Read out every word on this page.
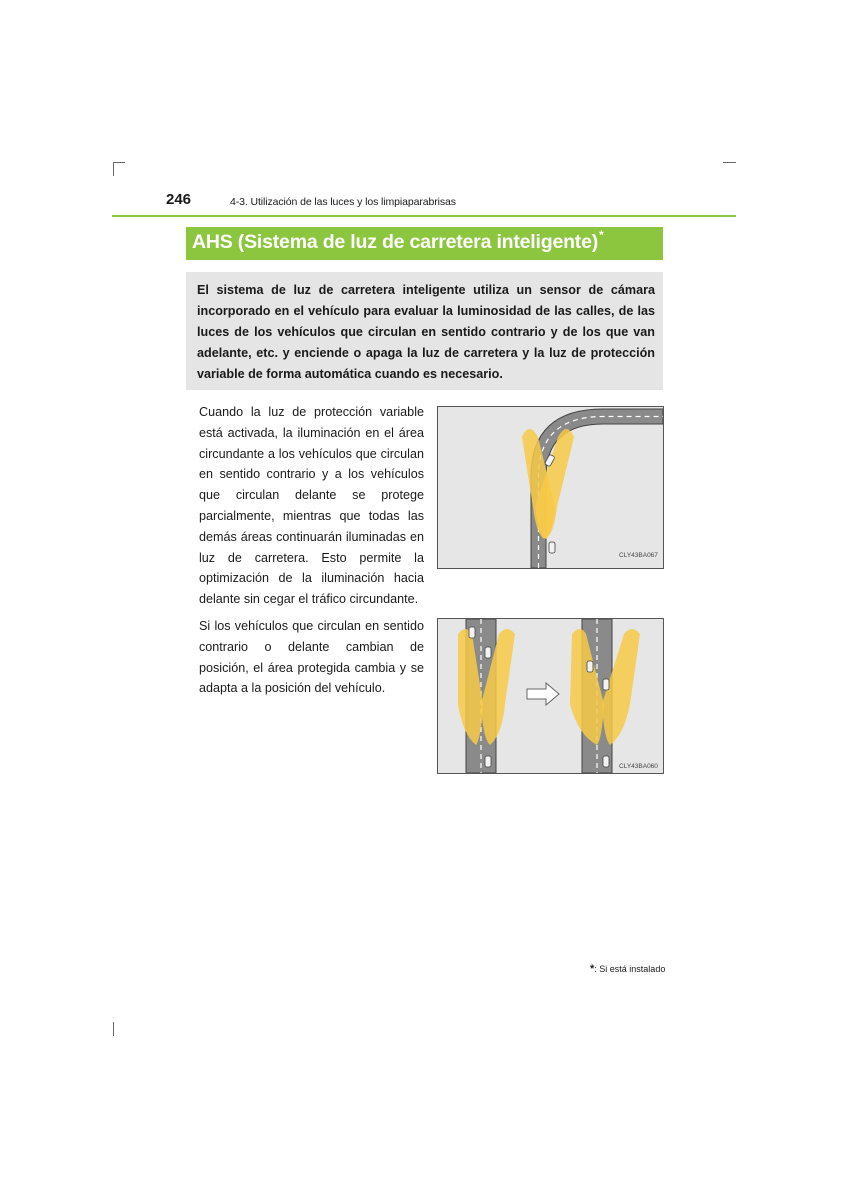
246	4-3. Utilización de las luces y los limpiaparabrisas
AHS (Sistema de luz de carretera inteligente)*
El sistema de luz de carretera inteligente utiliza un sensor de cámara incorporado en el vehículo para evaluar la luminosidad de las calles, de las luces de los vehículos que circulan en sentido contrario y de los que van adelante, etc. y enciende o apaga la luz de carretera y la luz de protección variable de forma automática cuando es necesario.
Cuando la luz de protección variable está activada, la iluminación en el área circundante a los vehículos que circulan en sentido contrario y a los vehículos que circulan delante se protege parcialmente, mientras que todas las demás áreas continuarán iluminadas en luz de carretera. Esto permite la optimización de la iluminación hacia delante sin cegar el tráfico circundante.
Si los vehículos que circulan en sentido contrario o delante cambian de posición, el área protegida cambia y se adapta a la posición del vehículo.
CLY43BA067
CLY43BA060
*: Si está instalado
